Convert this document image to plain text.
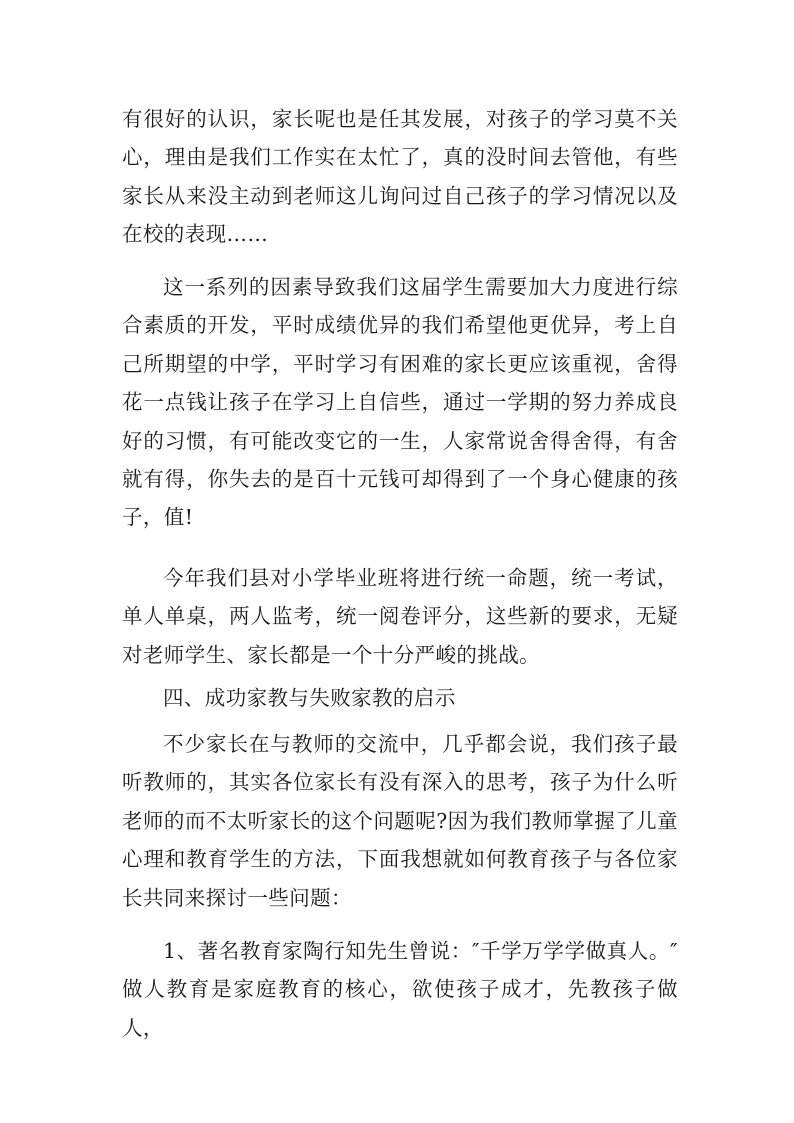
有很好的认识，家长呢也是任其发展，对孩子的学习莫不关心，理由是我们工作实在太忙了，真的没时间去管他，有些家长从来没主动到老师这儿询问过自己孩子的学习情况以及在校的表现……

这一系列的因素导致我们这届学生需要加大力度进行综合素质的开发，平时成绩优异的我们希望他更优异，考上自己所期望的中学，平时学习有困难的家长更应该重视，舍得花一点钱让孩子在学习上自信些，通过一学期的努力养成良好的习惯，有可能改变它的一生，人家常说舍得舍得，有舍就有得，你失去的是百十元钱可却得到了一个身心健康的孩子，值!

今年我们县对小学毕业班将进行统一命题，统一考试，单人单桌，两人监考，统一阅卷评分，这些新的要求，无疑对老师学生、家长都是一个十分严峻的挑战。

四、成功家教与失败家教的启示

不少家长在与教师的交流中，几乎都会说，我们孩子最听教师的，其实各位家长有没有深入的思考，孩子为什么听老师的而不太听家长的这个问题呢?因为我们教师掌握了儿童心理和教育学生的方法，下面我想就如何教育孩子与各位家长共同来探讨一些问题：

1、著名教育家陶行知先生曾说：″千学万学学做真人。″做人教育是家庭教育的核心，欲使孩子成才，先教孩子做人，
